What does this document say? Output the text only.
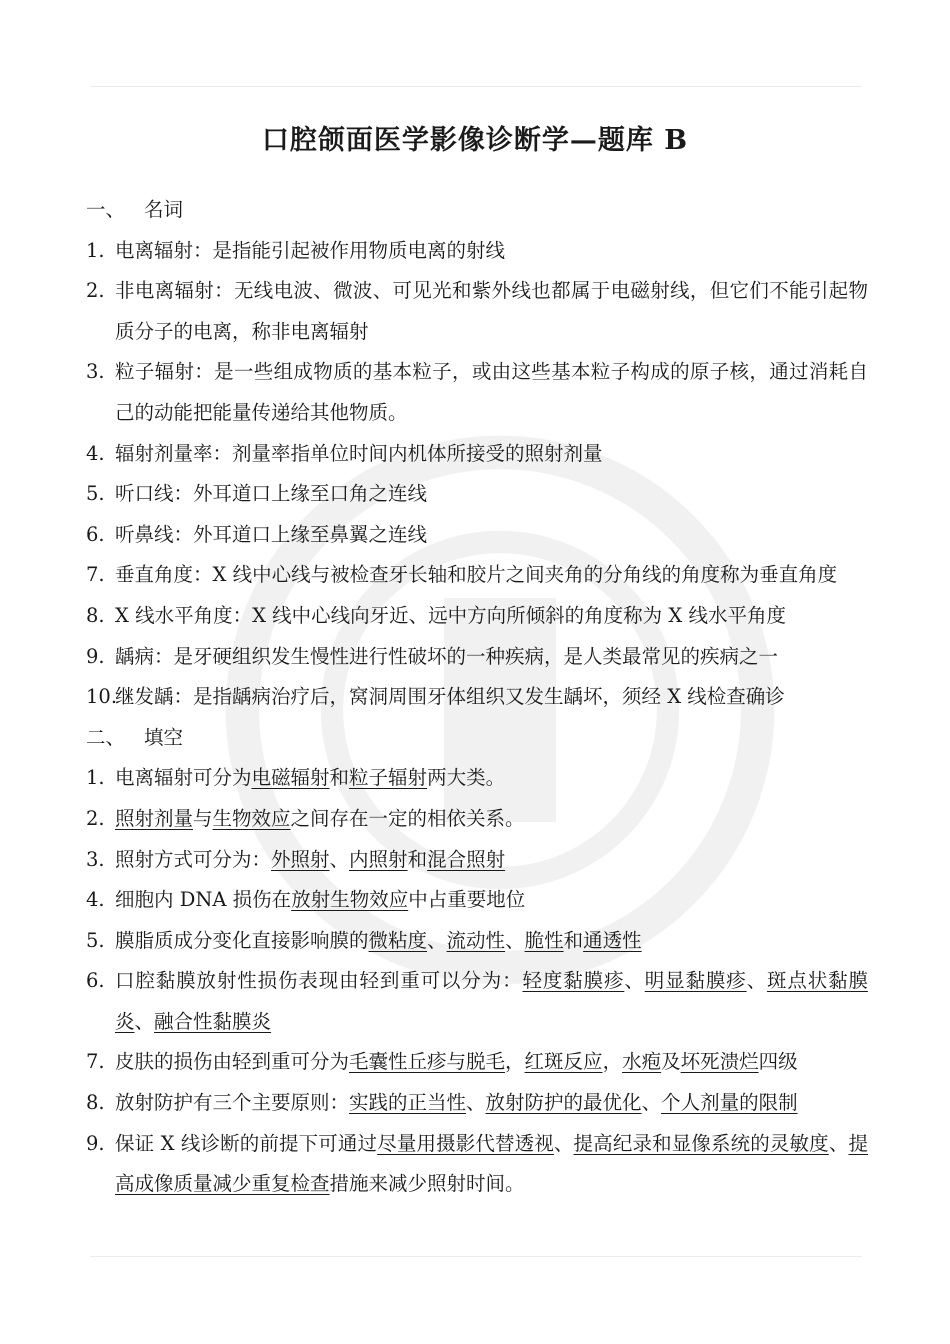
口腔颌面医学影像诊断学—题库 B
一、 名词
1. 电离辐射：是指能引起被作用物质电离的射线
2. 非电离辐射：无线电波、微波、可见光和紫外线也都属于电磁射线，但它们不能引起物质分子的电离，称非电离辐射
3. 粒子辐射：是一些组成物质的基本粒子，或由这些基本粒子构成的原子核，通过消耗自己的动能把能量传递给其他物质。
4. 辐射剂量率：剂量率指单位时间内机体所接受的照射剂量
5. 听口线：外耳道口上缘至口角之连线
6. 听鼻线：外耳道口上缘至鼻翼之连线
7. 垂直角度：X 线中心线与被检查牙长轴和胶片之间夹角的分角线的角度称为垂直角度
8. X 线水平角度：X 线中心线向牙近、远中方向所倾斜的角度称为 X 线水平角度
9. 龋病：是牙硬组织发生慢性进行性破坏的一种疾病，是人类最常见的疾病之一
10.
继发龋：是指龋病治疗后，窝洞周围牙体组织又发生龋坏，须经 X 线检查确诊
二、 填空
1. 电离辐射可分为电磁辐射和粒子辐射两大类。
2. 照射剂量与生物效应之间存在一定的相依关系。
3. 照射方式可分为：外照射、内照射和混合照射
4. 细胞内 DNA 损伤在放射生物效应中占重要地位
5. 膜脂质成分变化直接影响膜的微粘度、流动性、脆性和通透性
6. 口腔黏膜放射性损伤表现由轻到重可以分为：轻度黏膜疹、明显黏膜疹、斑点状黏膜炎、融合性黏膜炎
7. 皮肤的损伤由轻到重可分为毛囊性丘疹与脱毛，红斑反应，水疱及坏死溃烂四级
8. 放射防护有三个主要原则：实践的正当性、放射防护的最优化、个人剂量的限制
9. 保证 X 线诊断的前提下可通过尽量用摄影代替透视、提高纪录和显像系统的灵敏度、提高成像质量减少重复检查措施来减少照射时间。
